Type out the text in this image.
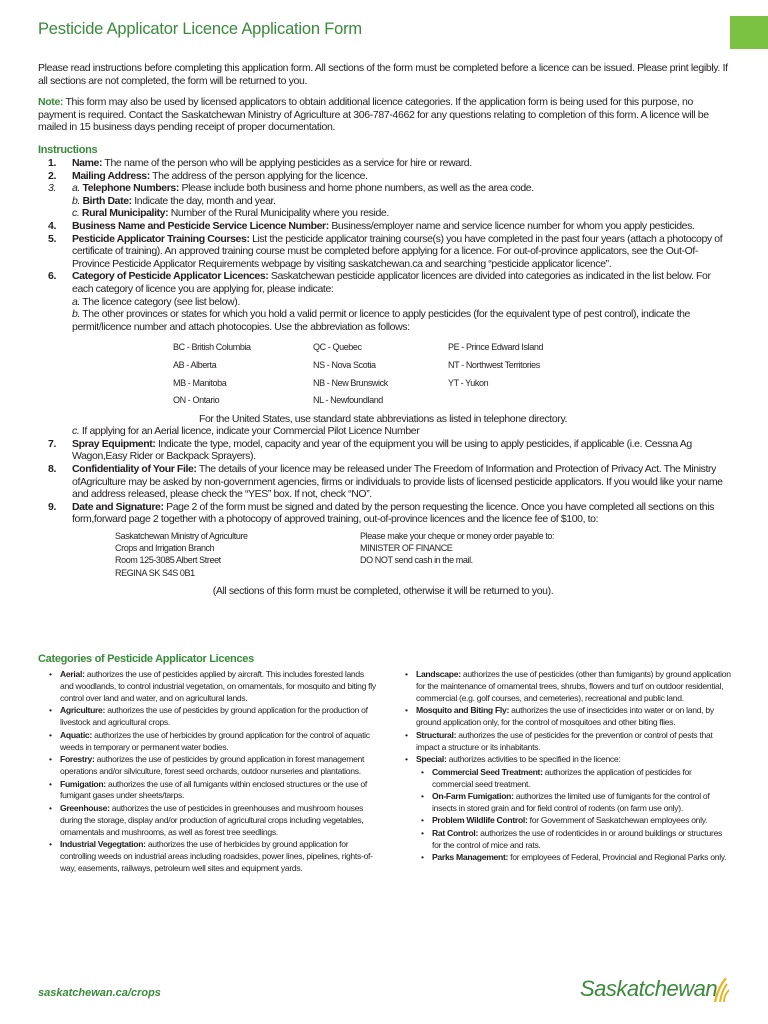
Pesticide Applicator Licence Application Form
Please read instructions before completing this application form. All sections of the form must be completed before a licence can be issued. Please print legibly. If all sections are not completed, the form will be returned to you.
Note: This form may also be used by licensed applicators to obtain additional licence categories. If the application form is being used for this purpose, no payment is required. Contact the Saskatchewan Ministry of Agriculture at 306-787-4662 for any questions relating to completion of this form. A licence will be mailed in 15 business days pending receipt of proper documentation.
Instructions
1. Name: The name of the person who will be applying pesticides as a service for hire or reward.
2. Mailing Address: The address of the person applying for the licence.
3. a. Telephone Numbers: Please include both business and home phone numbers, as well as the area code.
b. Birth Date: Indicate the day, month and year.
c. Rural Municipality: Number of the Rural Municipality where you reside.
4. Business Name and Pesticide Service Licence Number: Business/employer name and service licence number for whom you apply pesticides.
5. Pesticide Applicator Training Courses: List the pesticide applicator training course(s) you have completed in the past four years (attach a photocopy of certificate of training). An approved training course must be completed before applying for a licence. For out-of-province applicators, see the Out-Of-Province Pesticide Applicator Requirements webpage by visiting saskatchewan.ca and searching “pesticide applicator licence”.
6. Category of Pesticide Applicator Licences: Saskatchewan pesticide applicator licences are divided into categories as indicated in the list below. For each category of licence you are applying for, please indicate:
a. The licence category (see list below).
b. The other provinces or states for which you hold a valid permit or licence to apply pesticides (for the equivalent type of pest control), indicate the permit/licence number and attach photocopies. Use the abbreviation as follows:
BC - British Columbia	QC - Quebec	PE - Prince Edward Island
AB - Alberta	NS - Nova Scotia	NT - Northwest Territories
MB - Manitoba	NB - New Brunswick	YT - Yukon
ON - Ontario	NL - Newfoundland
For the United States, use standard state abbreviations as listed in telephone directory.
c. If applying for an Aerial licence, indicate your Commercial Pilot Licence Number
7. Spray Equipment: Indicate the type, model, capacity and year of the equipment you will be using to apply pesticides, if applicable (i.e. Cessna Ag Wagon,Easy Rider or Backpack Sprayers).
8. Confidentiality of Your File: The details of your licence may be released under The Freedom of Information and Protection of Privacy Act. The Ministry ofAgriculture may be asked by non-government agencies, firms or individuals to provide lists of licensed pesticide applicators. If you would like your name and address released, please check the “YES” box. If not, check “NO”.
9. Date and Signature: Page 2 of the form must be signed and dated by the person requesting the licence. Once you have completed all sections on this form,forward page 2 together with a photocopy of approved training, out-of-province licences and the licence fee of $100, to:
Saskatchewan Ministry of Agriculture	Please make your cheque or money order payable to:
Crops and Irrigation Branch	MINISTER OF FINANCE
Room 125-3085 Albert Street	DO NOT send cash in the mail.
REGINA SK S4S 0B1
(All sections of this form must be completed, otherwise it will be returned to you).
Categories of Pesticide Applicator Licences
• Aerial: authorizes the use of pesticides applied by aircraft. This includes forested lands and woodlands, to control industrial vegetation, on ornamentals, for mosquito and biting fly control over land and water, and on agricultural lands.
• Agriculture: authorizes the use of pesticides by ground application for the production of livestock and agricultural crops.
• Aquatic: authorizes the use of herbicides by ground application for the control of aquatic weeds in temporary or permanent water bodies.
• Forestry: authorizes the use of pesticides by ground application in forest management operations and/or silviculture, forest seed orchards, outdoor nurseries and plantations.
• Fumigation: authorizes the use of all fumigants within enclosed structures or the use of fumigant gases under sheets/tarps.
• Greenhouse: authorizes the use of pesticides in greenhouses and mushroom houses during the storage, display and/or production of agricultural crops including vegetables, ornamentals and mushrooms, as well as forest tree seedlings.
• Industrial Vegegtation: authorizes the use of herbicides by ground application for controlling weeds on industrial areas including roadsides, power lines, pipelines, rights-of-way, easements, railways, petroleum well sites and equipment yards.
• Landscape: authorizes the use of pesticides (other than fumigants) by ground application for the maintenance of ornamental trees, shrubs, flowers and turf on outdoor residential, commercial (e.g. golf courses, and cemeteries), recreational and public land.
• Mosquito and Biting Fly: authorizes the use of insecticides into water or on land, by ground application only, for the control of mosquitoes and other biting flies.
• Structural: authorizes the use of pesticides for the prevention or control of pests that impact a structure or its inhabitants.
• Special: authorizes activities to be specified in the licence:
• Commercial Seed Treatment: authorizes the application of pesticides for commercial seed treatment.
• On-Farm Fumigation: authorizes the limited use of fumigants for the control of insects in stored grain and for field control of rodents (on farm use only).
• Problem Wildlife Control: for Government of Saskatchewan employees only.
• Rat Control: authorizes the use of rodenticides in or around buildings or structures for the control of mice and rats.
• Parks Management: for employees of Federal, Provincial and Regional Parks only.
saskatchewan.ca/crops	Saskatchewan
